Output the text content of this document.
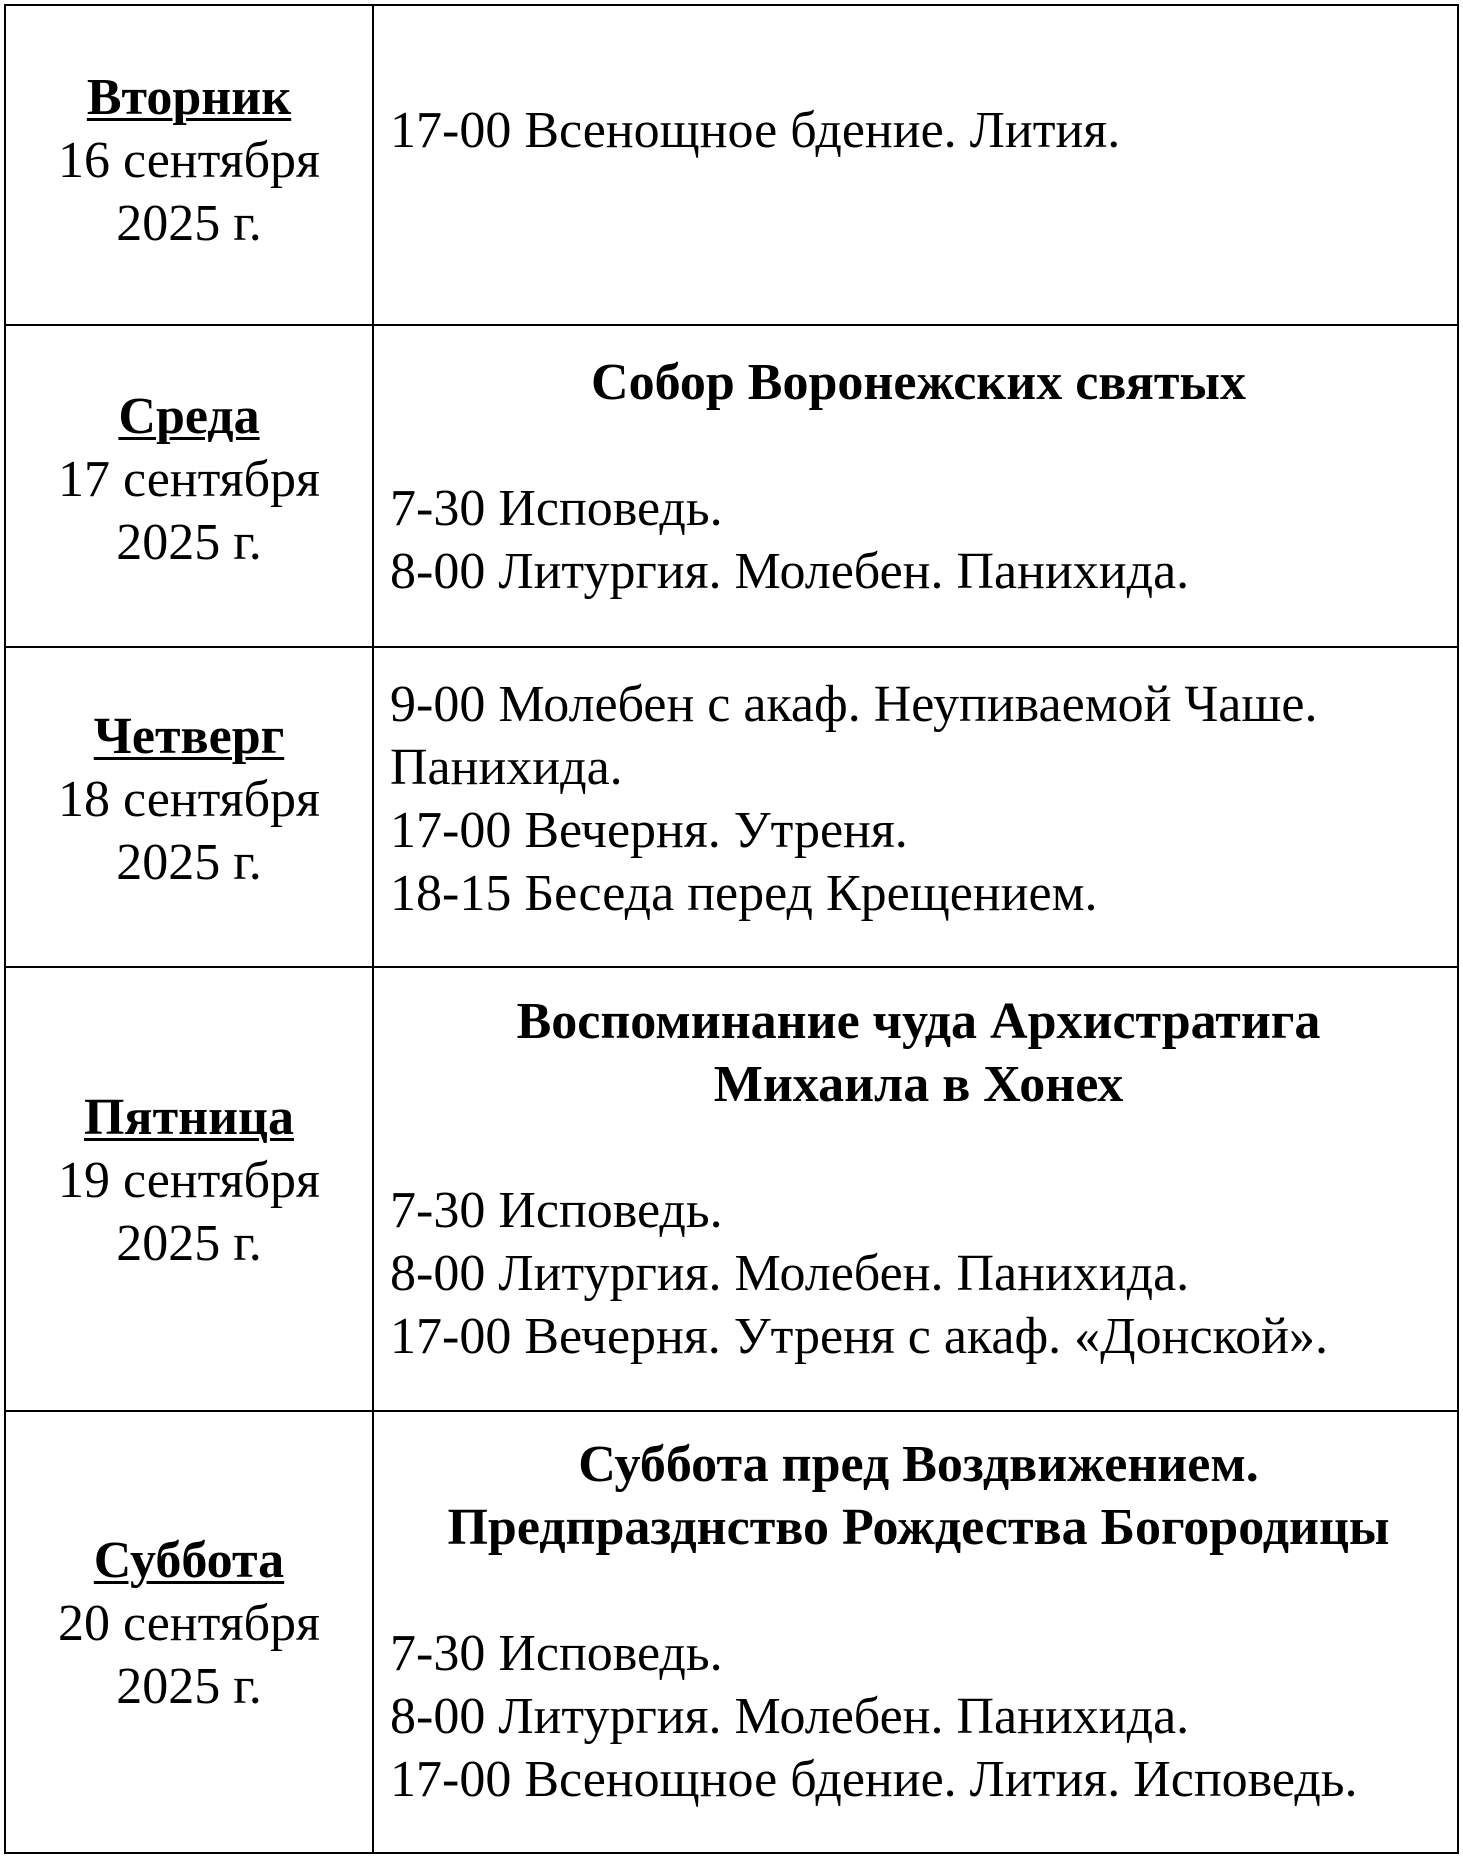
Вторник
16 сентября
2025 г.	17-00 Всенощное бдение. Лития.

Среда
17 сентября
2025 г.	Собор Воронежских святых
7-30 Исповедь.
8-00 Литургия. Молебен. Панихида.

Четверг
18 сентября
2025 г.	9-00 Молебен с акаф. Неупиваемой Чаше.
Панихида.
17-00 Вечерня. Утреня.
18-15 Беседа перед Крещением.

Пятница
19 сентября
2025 г.	Воспоминание чуда Архистратига
Михаила в Хонех
7-30 Исповедь.
8-00 Литургия. Молебен. Панихида.
17-00 Вечерня. Утреня с акаф. «Донской».

Суббота
20 сентября
2025 г.	Суббота пред Воздвижением.
Предпразднство Рождества Богородицы
7-30 Исповедь.
8-00 Литургия. Молебен. Панихида.
17-00 Всенощное бдение. Лития. Исповедь.
